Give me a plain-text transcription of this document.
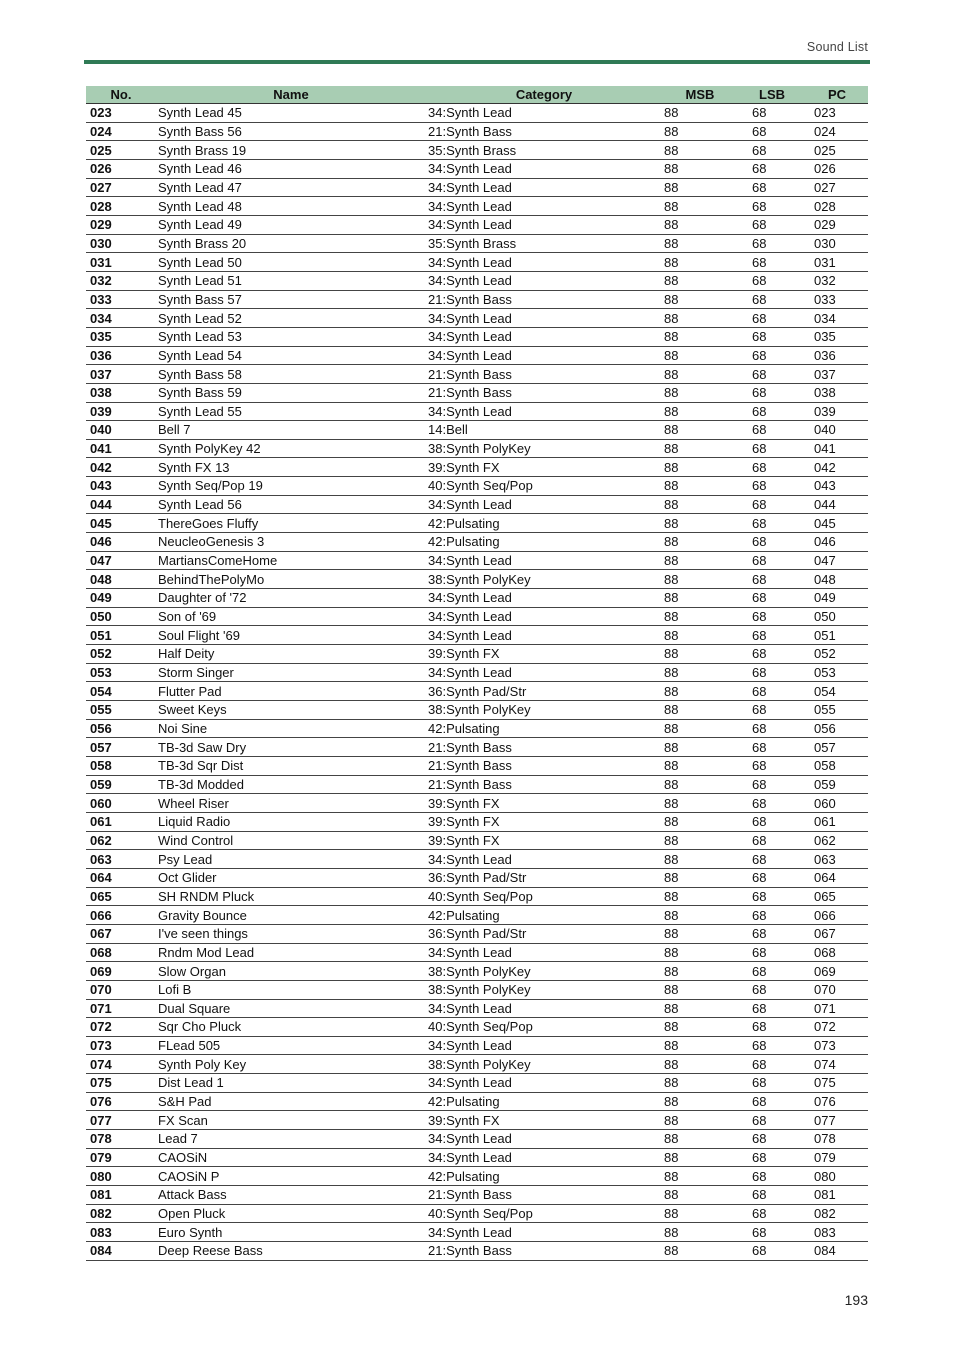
Sound List
No.	Name	Category	MSB	LSB	PC
023	Synth Lead 45	34:Synth Lead	88	68	023
024	Synth Bass 56	21:Synth Bass	88	68	024
025	Synth Brass 19	35:Synth Brass	88	68	025
026	Synth Lead 46	34:Synth Lead	88	68	026
027	Synth Lead 47	34:Synth Lead	88	68	027
028	Synth Lead 48	34:Synth Lead	88	68	028
029	Synth Lead 49	34:Synth Lead	88	68	029
030	Synth Brass 20	35:Synth Brass	88	68	030
031	Synth Lead 50	34:Synth Lead	88	68	031
032	Synth Lead 51	34:Synth Lead	88	68	032
033	Synth Bass 57	21:Synth Bass	88	68	033
034	Synth Lead 52	34:Synth Lead	88	68	034
035	Synth Lead 53	34:Synth Lead	88	68	035
036	Synth Lead 54	34:Synth Lead	88	68	036
037	Synth Bass 58	21:Synth Bass	88	68	037
038	Synth Bass 59	21:Synth Bass	88	68	038
039	Synth Lead 55	34:Synth Lead	88	68	039
040	Bell 7	14:Bell	88	68	040
041	Synth PolyKey 42	38:Synth PolyKey	88	68	041
042	Synth FX 13	39:Synth FX	88	68	042
043	Synth Seq/Pop 19	40:Synth Seq/Pop	88	68	043
044	Synth Lead 56	34:Synth Lead	88	68	044
045	ThereGoes Fluffy	42:Pulsating	88	68	045
046	NeucleoGenesis 3	42:Pulsating	88	68	046
047	MartiansComeHome	34:Synth Lead	88	68	047
048	BehindThePolyMo	38:Synth PolyKey	88	68	048
049	Daughter of '72	34:Synth Lead	88	68	049
050	Son of '69	34:Synth Lead	88	68	050
051	Soul Flight '69	34:Synth Lead	88	68	051
052	Half Deity	39:Synth FX	88	68	052
053	Storm Singer	34:Synth Lead	88	68	053
054	Flutter Pad	36:Synth Pad/Str	88	68	054
055	Sweet Keys	38:Synth PolyKey	88	68	055
056	Noi Sine	42:Pulsating	88	68	056
057	TB-3d Saw Dry	21:Synth Bass	88	68	057
058	TB-3d Sqr Dist	21:Synth Bass	88	68	058
059	TB-3d Modded	21:Synth Bass	88	68	059
060	Wheel Riser	39:Synth FX	88	68	060
061	Liquid Radio	39:Synth FX	88	68	061
062	Wind Control	39:Synth FX	88	68	062
063	Psy Lead	34:Synth Lead	88	68	063
064	Oct Glider	36:Synth Pad/Str	88	68	064
065	SH RNDM Pluck	40:Synth Seq/Pop	88	68	065
066	Gravity Bounce	42:Pulsating	88	68	066
067	I've seen things	36:Synth Pad/Str	88	68	067
068	Rndm Mod Lead	34:Synth Lead	88	68	068
069	Slow Organ	38:Synth PolyKey	88	68	069
070	Lofi B	38:Synth PolyKey	88	68	070
071	Dual Square	34:Synth Lead	88	68	071
072	Sqr Cho Pluck	40:Synth Seq/Pop	88	68	072
073	FLead 505	34:Synth Lead	88	68	073
074	Synth Poly Key	38:Synth PolyKey	88	68	074
075	Dist Lead 1	34:Synth Lead	88	68	075
076	S&H Pad	42:Pulsating	88	68	076
077	FX Scan	39:Synth FX	88	68	077
078	Lead 7	34:Synth Lead	88	68	078
079	CAOSiN	34:Synth Lead	88	68	079
080	CAOSiN P	42:Pulsating	88	68	080
081	Attack Bass	21:Synth Bass	88	68	081
082	Open Pluck	40:Synth Seq/Pop	88	68	082
083	Euro Synth	34:Synth Lead	88	68	083
084	Deep Reese Bass	21:Synth Bass	88	68	084
193
